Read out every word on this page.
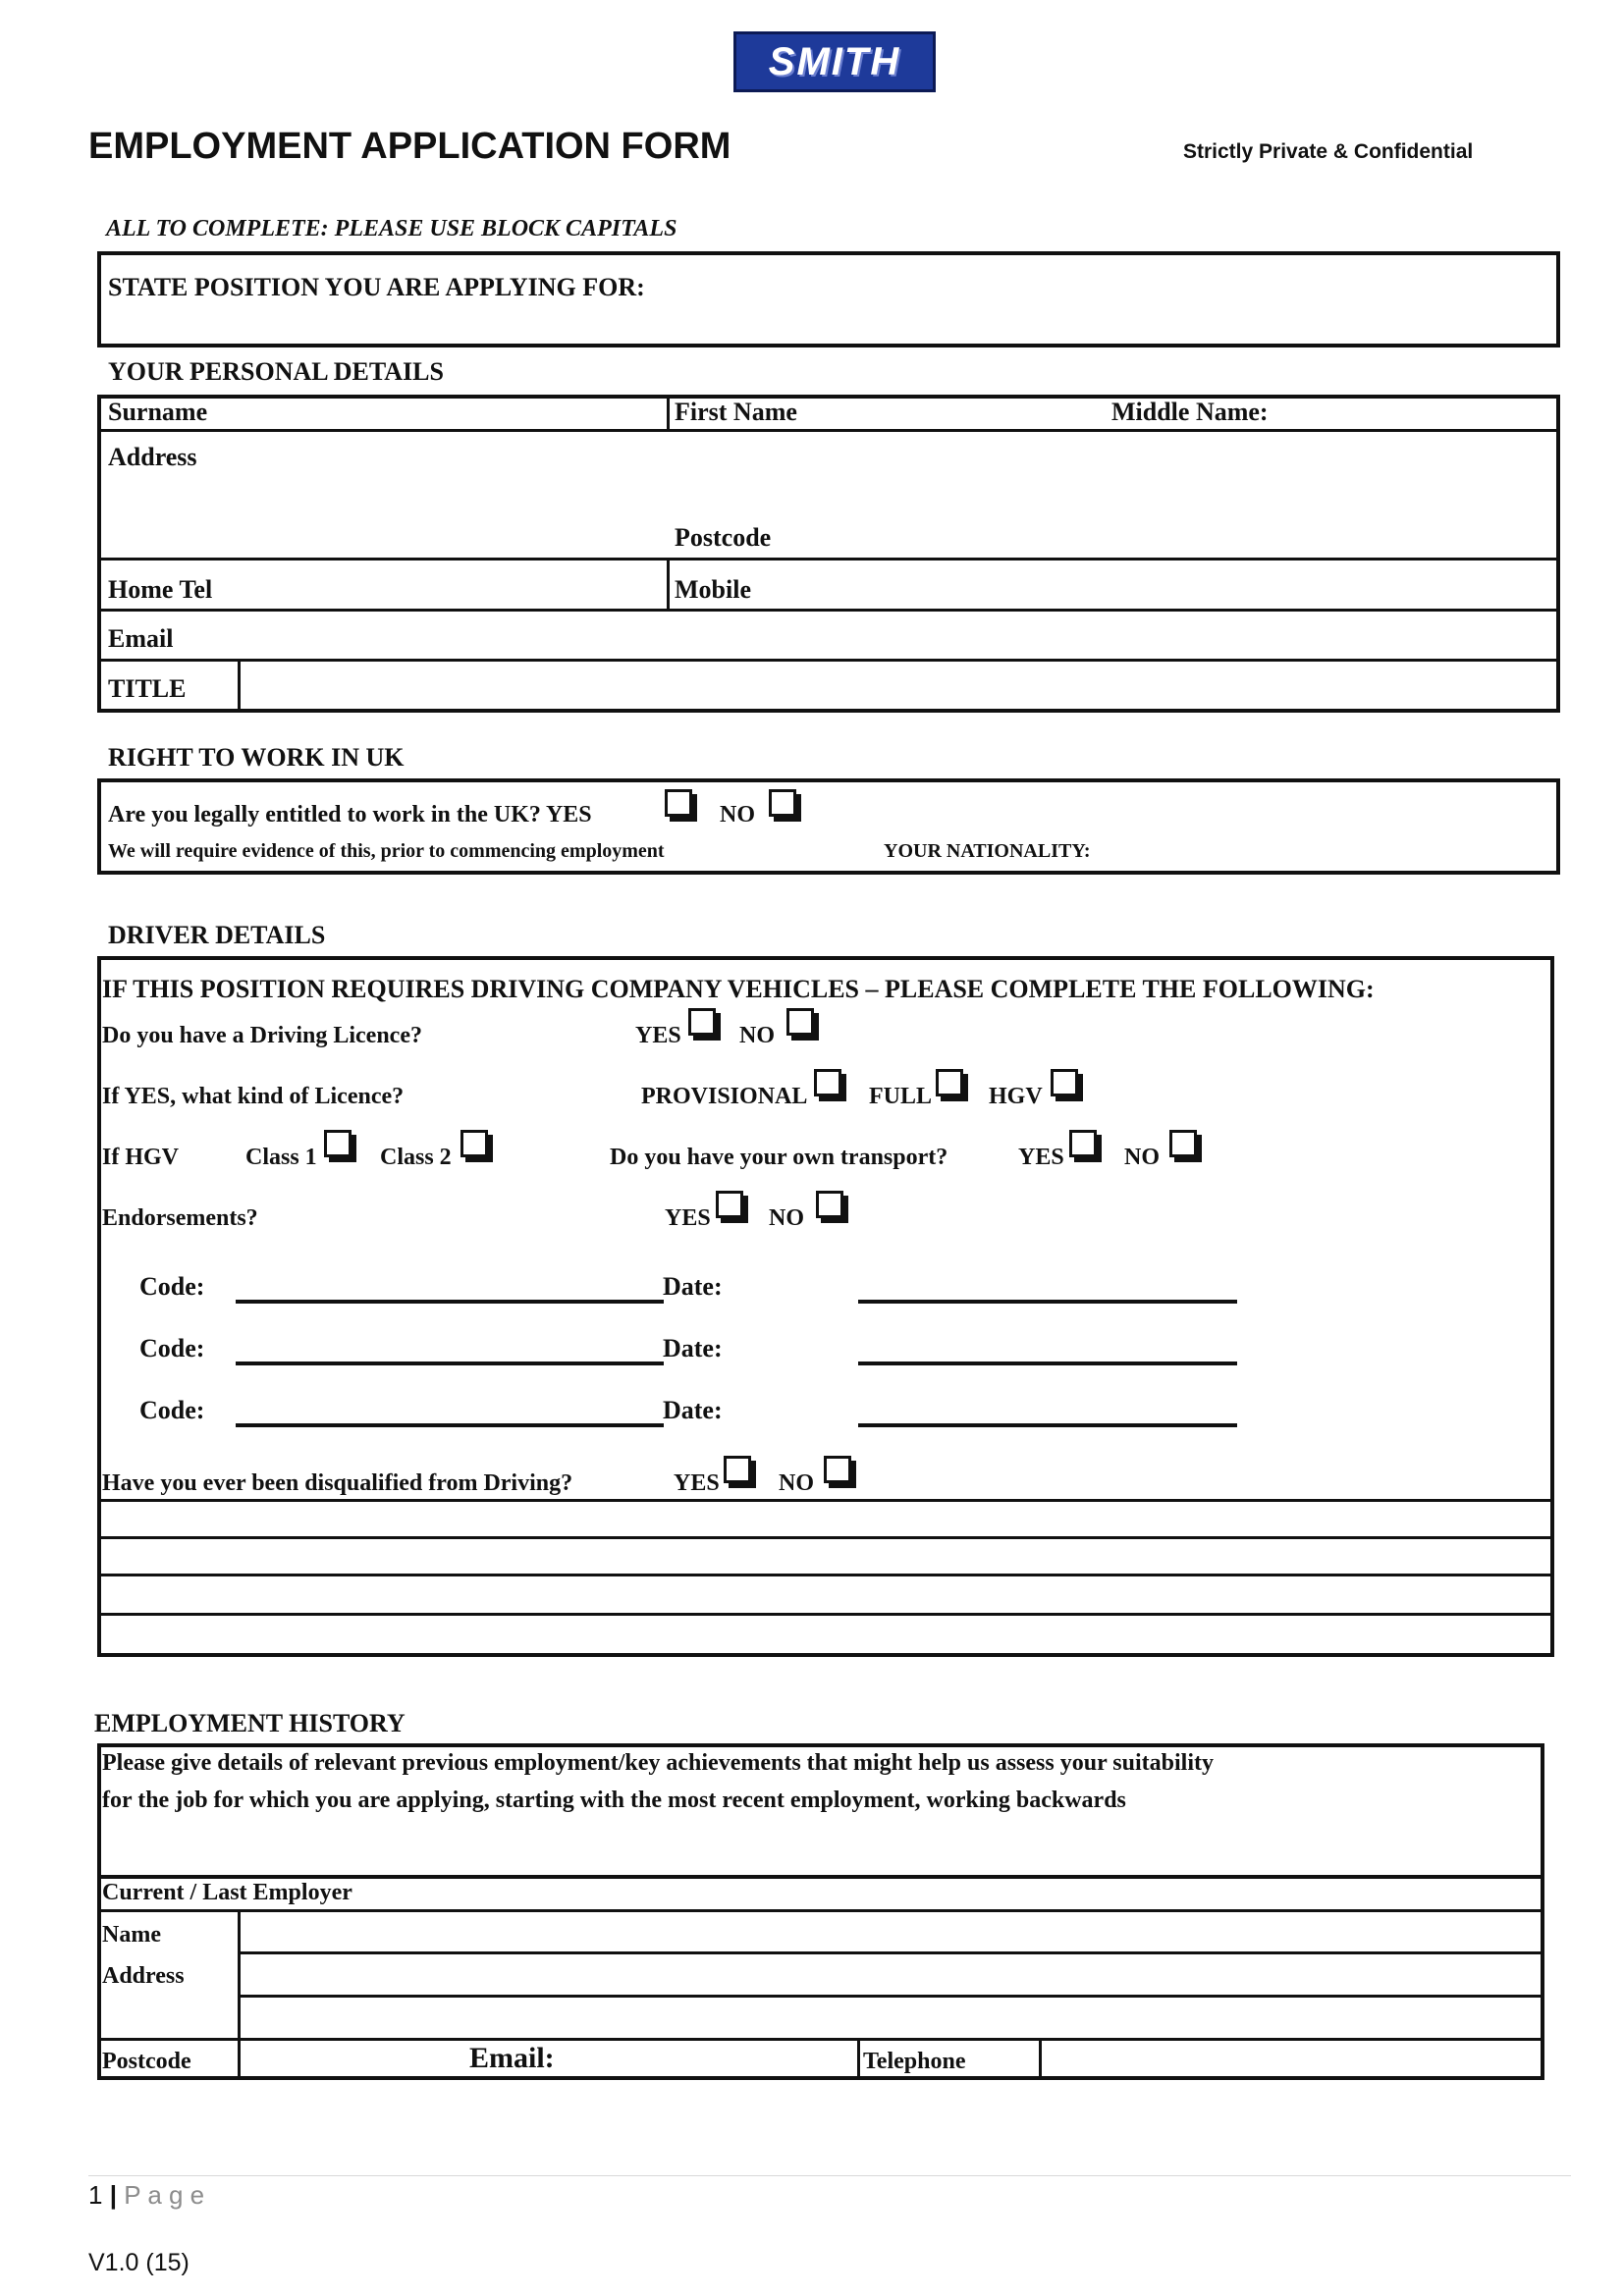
SMITH
EMPLOYMENT APPLICATION FORM	Strictly Private & Confidential
ALL TO COMPLETE: PLEASE USE BLOCK CAPITALS
STATE POSITION YOU ARE APPLYING FOR:
YOUR PERSONAL DETAILS
Surname	First Name	Middle Name:
Address
Postcode
Home Tel	Mobile
Email
TITLE
RIGHT TO WORK IN UK
Are you legally entitled to work in the UK? YES	NO
We will require evidence of this, prior to commencing employment	YOUR NATIONALITY:
DRIVER DETAILS
IF THIS POSITION REQUIRES DRIVING COMPANY VEHICLES – PLEASE COMPLETE THE FOLLOWING:
Do you have a Driving Licence?	YES NO
If YES, what kind of Licence?	PROVISIONAL	FULL HGV
If HGV	Class 1	Class 2	Do you have your own transport?	YES	NO
Endorsements?	YES NO
Code:	Date:
Code:	Date:
Code:	Date:
Have you ever been disqualified from Driving?	YES	NO
EMPLOYMENT HISTORY
Please give details of relevant previous employment/key achievements that might help us assess your suitability
for the job for which you are applying, starting with the most recent employment, working backwards
Current / Last Employer
Name
Address
Postcode	Email:	Telephone
1 | P a g e
V1.0 (15)
